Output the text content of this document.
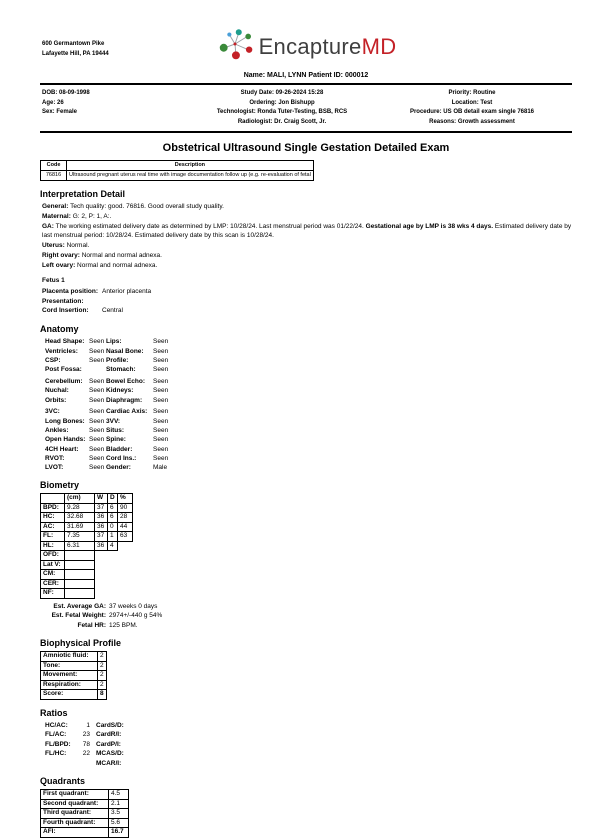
600 Germantown Pike
Lafayette Hill, PA 19444	EncaptureMD
Name: MALI, LYNN Patient ID: 000012
DOB: 08-09-1998
Age: 26
Sex: Female
Study Date: 09-26-2024 15:28
Ordering: Jon Bishupp
Technologist: Ronda Tuter-Testing, BSB, RCS
Radiologist: Dr. Craig Scott, Jr.
Priority: Routine
Location: Test
Procedure: US OB detail exam single 76816
Reasons: Growth assessment
Obstetrical Ultrasound Single Gestation Detailed Exam
Code	Description
76816	Ultrasound pregnant uterus real time with image documentation follow up (e.g. re-evaluation of fetal
Interpretation Detail
General: Tech quality: good. 76816. Good overall study quality.
Maternal: G: 2, P: 1, A:.
GA: The working estimated delivery date as determined by LMP: 10/28/24. Last menstrual period was 01/22/24. Gestational age by LMP is 38 wks 4 days. Estimated delivery date by last menstrual period: 10/28/24. Estimated delivery date by this scan is 10/28/24.
Uterus: Normal.
Right ovary: Normal and normal adnexa.
Left ovary: Normal and normal adnexa.
Fetus 1
Placenta position: Anterior placenta
Presentation:
Cord Insertion:	Central
Anatomy
Head Shape: Seen Lips:	Seen
Ventricles:	Seen Nasal Bone:	Seen
CSP:	Seen Profile:	Seen
Post Fossa:	Stomach:	Seen
Cerebellum: Seen Bowel Echo:	Seen
Nuchal:	Seen Kidneys:	Seen
Orbits:	Seen Diaphragm:	Seen
3VC:	Seen Cardiac Axis: Seen
Long Bones: Seen 3VV:	Seen
Ankles:	Seen Situs:	Seen
Open Hands: Seen Spine:	Seen
4CH Heart:	Seen Bladder:	Seen
RVOT:	Seen Cord Ins.:	Seen
LVOT:	Seen Gender:	Male
Biometry
	(cm)	W	D	%
BPD:	9.28	37	6	90
HC:	32.68	36	6	28
AC:	31.69	36	0	44
FL:	7.35	37	1	63
HL:	6.31	36	4	
OFD:				
Lat V:				
CM:				
CER:				
NF:				
Est. Average GA: 37 weeks 0 days
Est. Fetal Weight: 2974+/-440 g 54%
Fetal HR: 125 BPM.
Biophysical Profile
Amniotic fluid:	2
Tone:	2
Movement:	2
Respiration:	2
Score:	8
Ratios
HC/AC:	1 CardS/D:
FL/AC:	23 CardR/I:
FL/BPD:	78 CardP/I:
FL/HC:	22 MCAS/D:
MCAR/I:
Quadrants
First quadrant:	4.5
Second quadrant:	2.1
Third quadrant:	3.5
Fourth quadrant:	5.6
AFI:	16.7
